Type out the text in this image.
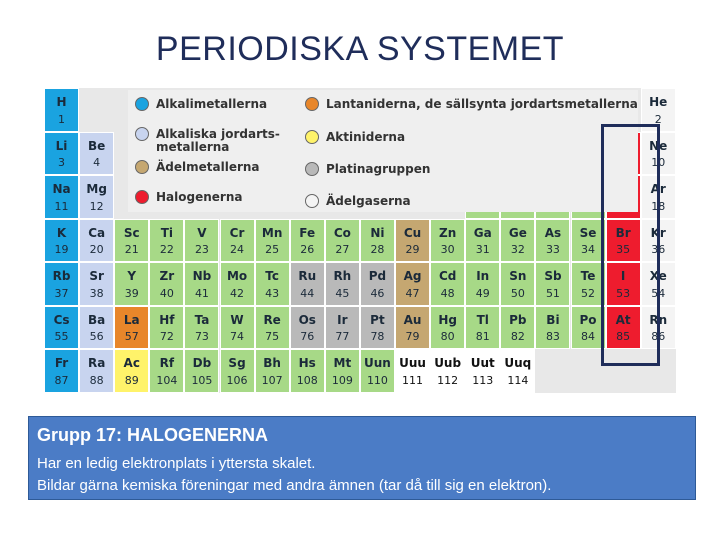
PERIODISKA SYSTEMET
H
1
He
2
Li
3
Be
4
Ne
10
Na
11
Mg
12
Ar
18
K
19
Ca
20
Sc
21
Ti
22
V
23
Cr
24
Mn
25
Fe
26
Co
27
Ni
28
Cu
29
Zn
30
Ga
31
Ge
32
As
33
Se
34
Br
35
Kr
36
Rb
37
Sr
38
Y
39
Zr
40
Nb
41
Mo
42
Tc
43
Ru
44
Rh
45
Pd
46
Ag
47
Cd
48
In
49
Sn
50
Sb
51
Te
52
I
53
Xe
54
Cs
55
Ba
56
La
57
Hf
72
Ta
73
W
74
Re
75
Os
76
Ir
77
Pt
78
Au
79
Hg
80
Tl
81
Pb
82
Bi
83
Po
84
At
85
Rn
86
Fr
87
Ra
88
Ac
89
Rf
104
Db
105
Sg
106
Bh
107
Hs
108
Mt
109
Uun
110
Uuu
111
Uub
112
Uut
113
Uuq
114
Alkalimetallerna
Alkaliska jordarts-
metallerna
Ädelmetallerna
Halogenerna
Lantaniderna, de sällsynta jordartsmetallerna
Aktiniderna
Platinagruppen
Ädelgaserna
Grupp 17: HALOGENERNA
Har en ledig elektronplats i yttersta skalet.
Bildar gärna kemiska föreningar med andra ämnen (tar då till sig en elektron).
